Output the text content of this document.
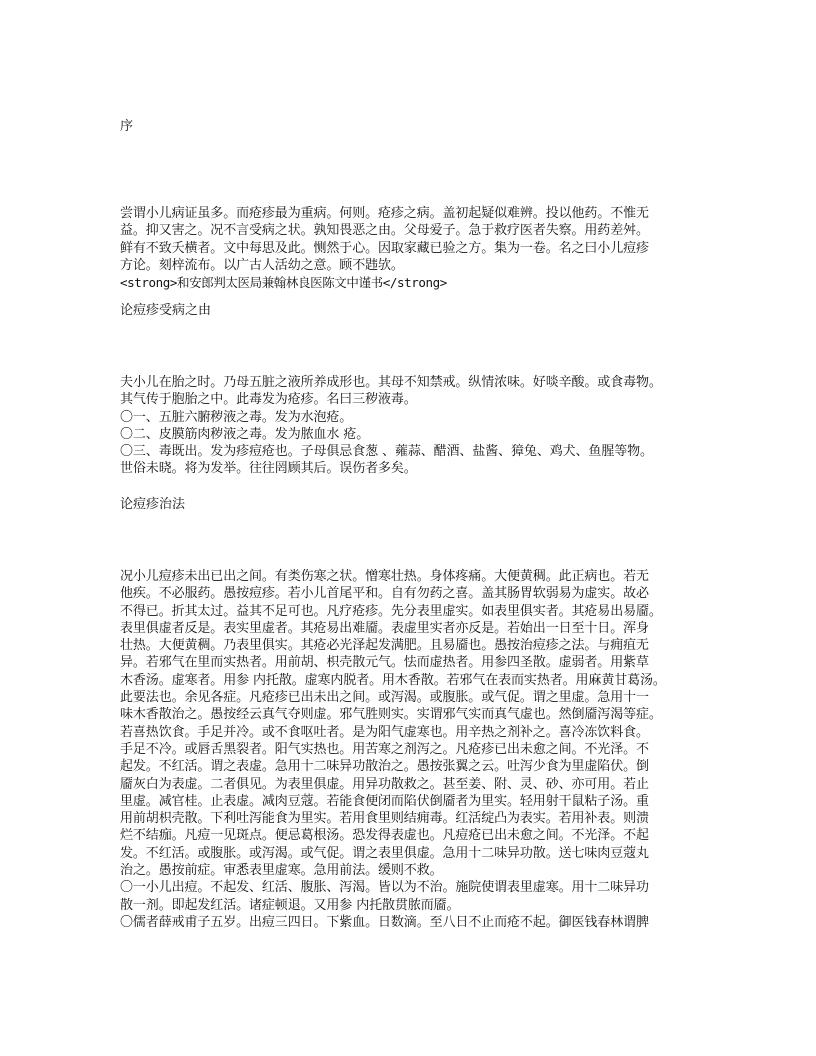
序
尝谓小儿病证虽多。而疮疹最为重病。何则。疮疹之病。盖初起疑似难辨。投以他药。不惟无
益。抑又害之。况不言受病之状。孰知畏恶之由。父母爱子。急于救疗医者失察。用药差舛。
鲜有不致夭横者。文中每思及此。恻然于心。因取家藏已验之方。集为一卷。名之曰小儿痘疹
方论。刻梓流布。以广古人活幼之意。顾不韪欤。
<strong>和安郎判太医局兼翰林良医陈文中谨书</strong>
论痘疹受病之由
夫小儿在胎之时。乃母五脏之液所养成形也。其母不知禁戒。纵情浓味。好啖辛酸。或食毒物。
其气传于胞胎之中。此毒发为疮疹。名曰三秽液毒。
〇一、五脏六腑秽液之毒。发为水泡疮。
〇二、皮膜筋肉秽液之毒。发为脓血水 疮。
〇三、毒既出。发为疹痘疮也。子母俱忌食葱 、蕹蒜、醋酒、盐酱、獐兔、鸡犬、鱼腥等物。
世俗未晓。将为发举。往往罔顾其后。误伤者多矣。
论痘疹治法
况小儿痘疹未出已出之间。有类伤寒之状。憎寒壮热。身体疼痛。大便黄稠。此正病也。若无
他疾。不必服药。愚按痘疹。若小儿首尾平和。自有勿药之喜。盖其肠胃软弱易为虚实。故必
不得已。折其太过。益其不足可也。凡疗疮疹。先分表里虚实。如表里俱实者。其疮易出易靥。
表里俱虚者反是。表实里虚者。其疮易出难靥。表虚里实者亦反是。若始出一日至十日。浑身
壮热。大便黄稠。乃表里俱实。其疮必光泽起发满肥。且易靥也。愚按治痘疹之法。与痈疽无
异。若邪气在里而实热者。用前胡、枳壳散元气。怯而虚热者。用参四圣散。虚弱者。用紫草
木香汤。虚寒者。用参 内托散。虚寒内脱者。用木香散。若邪气在表而实热者。用麻黄甘葛汤。
此要法也。余见各症。凡疮疹已出未出之间。或泻渴。或腹胀。或气促。谓之里虚。急用十一
味木香散治之。愚按经云真气夺则虚。邪气胜则实。实谓邪气实而真气虚也。然倒靥泻渴等症。
若喜热饮食。手足并冷。或不食呕吐者。是为阳气虚寒也。用辛热之剂补之。喜冷冻饮料食。
手足不冷。或唇舌黑裂者。阳气实热也。用苦寒之剂泻之。凡疮疹已出未愈之间。不光泽。不
起发。不红活。谓之表虚。急用十二味异功散治之。愚按张翼之云。吐泻少食为里虚陷伏。倒
靥灰白为表虚。二者俱见。为表里俱虚。用异功散救之。甚至姜、附、灵、砂、亦可用。若止
里虚。减官桂。止表虚。减肉豆蔻。若能食便闭而陷伏倒靥者为里实。轻用射干鼠粘子汤。重
用前胡枳壳散。下利吐泻能食为里实。若用食里则结痈毒。红活绽凸为表实。若用补表。则溃
烂不结痂。凡痘一见斑点。便忌葛根汤。恐发得表虚也。凡痘疮已出未愈之间。不光泽。不起
发。不红活。或腹胀。或泻渴。或气促。谓之表里俱虚。急用十二味异功散。送七味肉豆蔻丸
治之。愚按前症。审悉表里虚寒。急用前法。缓则不救。
〇一小儿出痘。不起发、红活、腹胀、泻渴。皆以为不治。施院使谓表里虚寒。用十二味异功
散一剂。即起发红活。诸症顿退。又用参 内托散贯脓而靥。
〇儒者薛戒甫子五岁。出痘三四日。下紫血。日数滴。至八日不止而疮不起。御医钱春林谓脾
